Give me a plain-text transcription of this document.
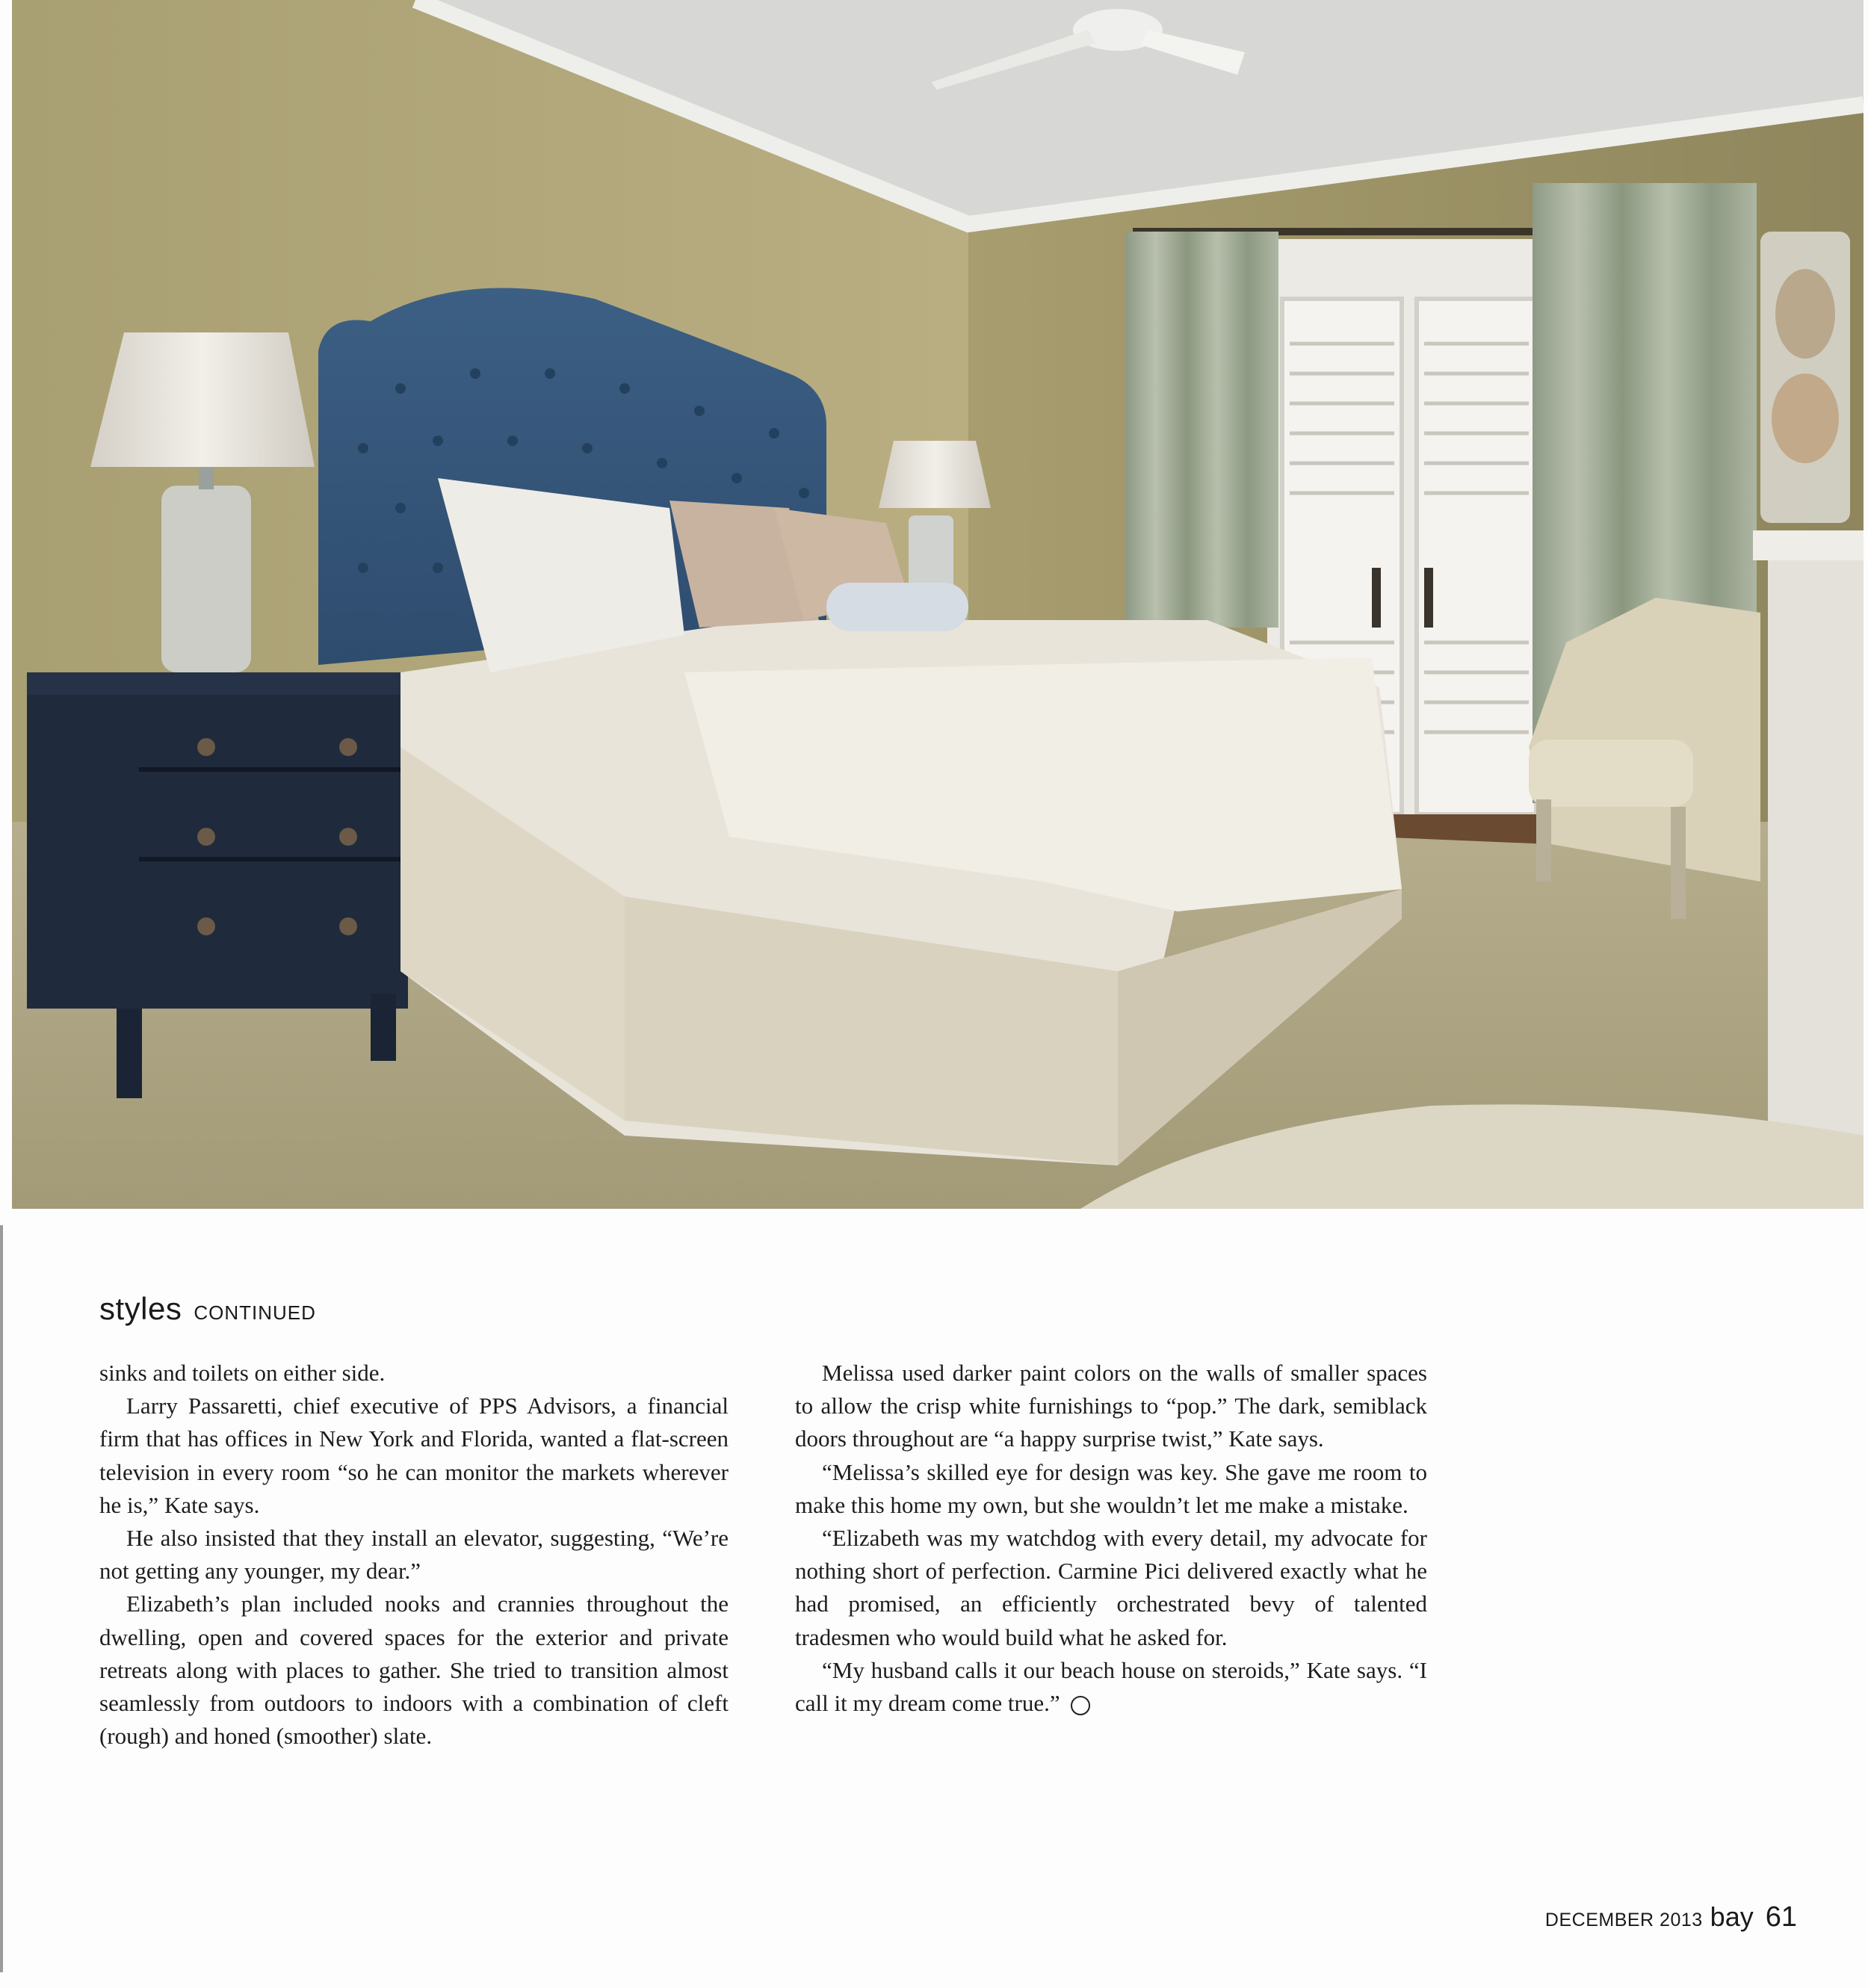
styles CONTINUED

sinks and toilets on either side.

Larry Passaretti, chief executive of PPS Advisors, a financial firm that has offices in New York and Florida, wanted a flat-screen television in every room “so he can monitor the markets wherever he is,” Kate says.

He also insisted that they install an elevator, suggesting, “We’re not getting any younger, my dear.”

Elizabeth’s plan included nooks and crannies throughout the dwelling, open and covered spaces for the exterior and private retreats along with places to gather. She tried to transition almost seamlessly from outdoors to indoors with a combination of cleft (rough) and honed (smoother) slate.

Melissa used darker paint colors on the walls of smaller spaces to allow the crisp white furnishings to “pop.” The dark, semiblack doors throughout are “a happy surprise twist,” Kate says.

“Melissa’s skilled eye for design was key. She gave me room to make this home my own, but she wouldn’t let me make a mistake.

“Elizabeth was my watchdog with every detail, my advocate for nothing short of perfection. Carmine Pici delivered exactly what he had promised, an efficiently orchestrated bevy of talented tradesmen who would build what he asked for.

“My husband calls it our beach house on steroids,” Kate says. “I call it my dream come true.”

DECEMBER 2013 bay 61
